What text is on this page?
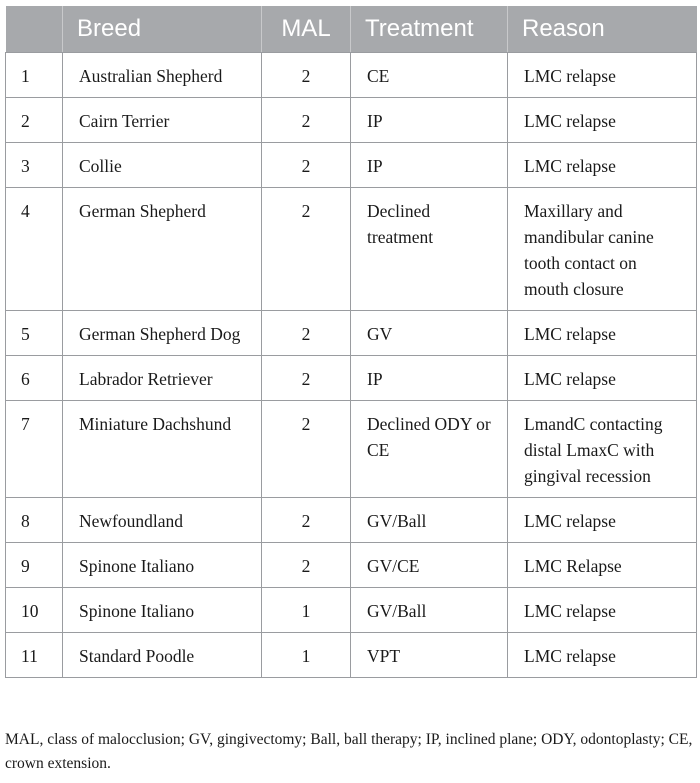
	Breed	MAL	Treatment	Reason
1	Australian Shepherd	2	CE	LMC relapse
2	Cairn Terrier	2	IP	LMC relapse
3	Collie	2	IP	LMC relapse
4	German Shepherd	2	Declined treatment	Maxillary and mandibular canine tooth contact on mouth closure
5	German Shepherd Dog	2	GV	LMC relapse
6	Labrador Retriever	2	IP	LMC relapse
7	Miniature Dachshund	2	Declined ODY or CE	LmandC contacting distal LmaxC with gingival recession
8	Newfoundland	2	GV/Ball	LMC relapse
9	Spinone Italiano	2	GV/CE	LMC Relapse
10	Spinone Italiano	1	GV/Ball	LMC relapse
11	Standard Poodle	1	VPT	LMC relapse
MAL, class of malocclusion; GV, gingivectomy; Ball, ball therapy; IP, inclined plane; ODY, odontoplasty; CE, crown extension.
